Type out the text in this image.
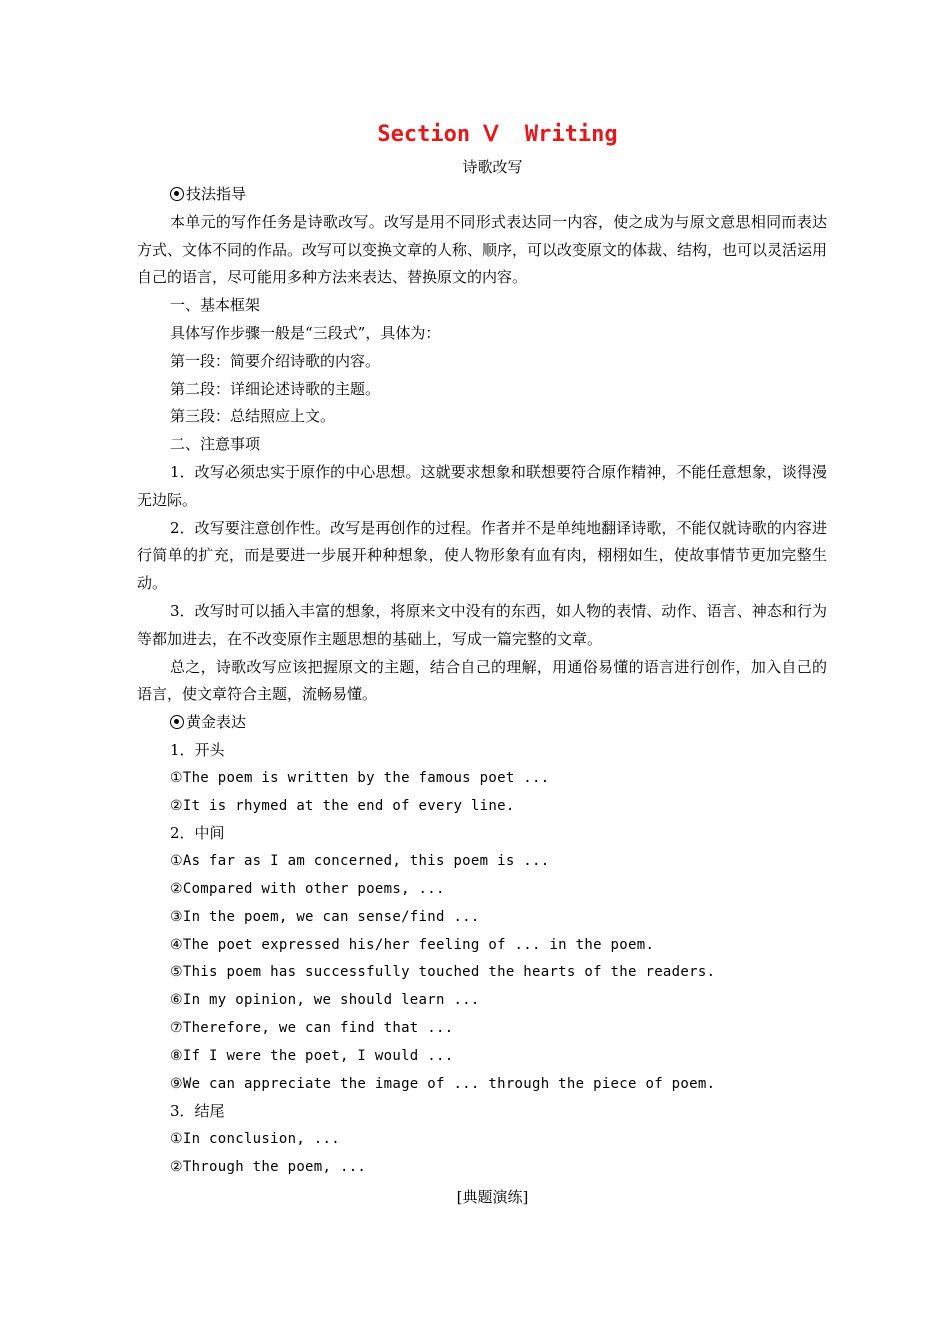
Section Ⅴ  Writing
诗歌改写
技法指导
本单元的写作任务是诗歌改写。改写是用不同形式表达同一内容，使之成为与原文意思相同而表达方式、文体不同的作品。改写可以变换文章的人称、顺序，可以改变原文的体裁、结构，也可以灵活运用自己的语言，尽可能用多种方法来表达、替换原文的内容。
一、基本框架
具体写作步骤一般是“三段式”，具体为：
第一段：简要介绍诗歌的内容。
第二段：详细论述诗歌的主题。
第三段：总结照应上文。
二、注意事项
1．改写必须忠实于原作的中心思想。这就要求想象和联想要符合原作精神，不能任意想象，谈得漫无边际。
2．改写要注意创作性。改写是再创作的过程。作者并不是单纯地翻译诗歌，不能仅就诗歌的内容进行简单的扩充，而是要进一步展开种种想象，使人物形象有血有肉，栩栩如生，使故事情节更加完整生动。
3．改写时可以插入丰富的想象，将原来文中没有的东西，如人物的表情、动作、语言、神态和行为等都加进去，在不改变原作主题思想的基础上，写成一篇完整的文章。
总之，诗歌改写应该把握原文的主题，结合自己的理解，用通俗易懂的语言进行创作，加入自己的语言，使文章符合主题，流畅易懂。
黄金表达
1．开头
①The poem is written by the famous poet ...
②It is rhymed at the end of every line.
2．中间
①As far as I am concerned, this poem is ...
②Compared with other poems, ...
③In the poem, we can sense/find ...
④The poet expressed his/her feeling of ... in the poem.
⑤This poem has successfully touched the hearts of the readers.
⑥In my opinion, we should learn ...
⑦Therefore, we can find that ...
⑧If I were the poet, I would ...
⑨We can appreciate the image of ... through the piece of poem.
3．结尾
①In conclusion, ...
②Through the poem, ...
[典题演练]
